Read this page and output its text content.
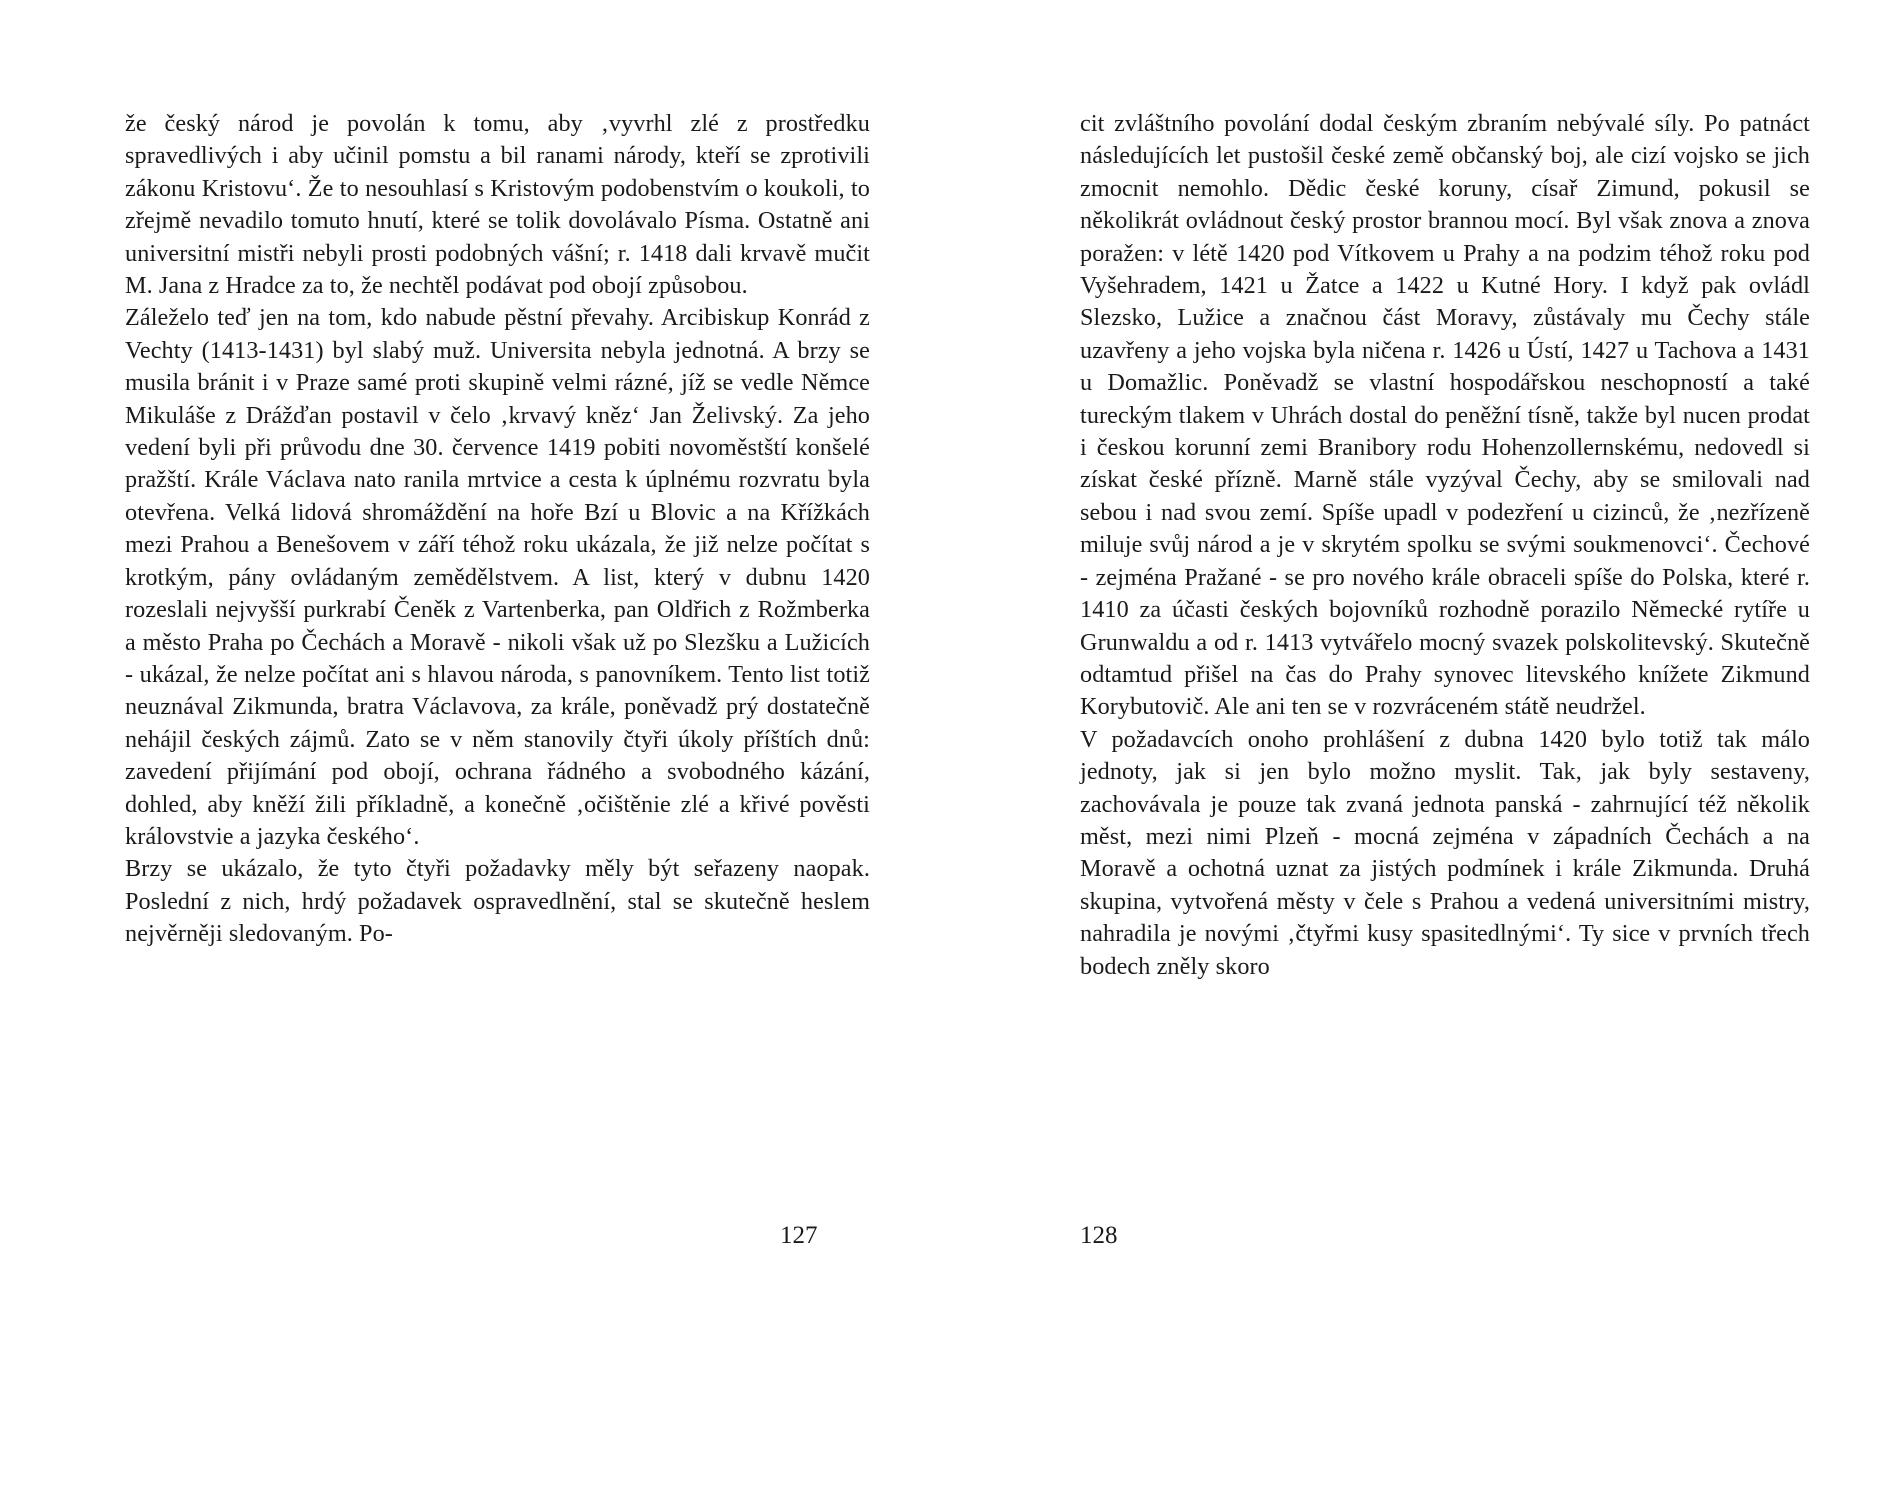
že český národ je povolán k tomu, aby ‚vyvrhl zlé z prostředku spravedlivých i aby učinil pomstu a bil ranami národy, kteří se zprotivili zákonu Kristovu‘. Že to nesouhlasí s Kristovým podobenstvím o koukoli, to zřejmě nevadilo tomuto hnutí, které se tolik dovolávalo Písma. Ostatně ani universitní mistři nebyli prosti podobných vášní; r. 1418 dali krvavě mučit M. Jana z Hradce za to, že nechtěl podávat pod obojí způsobou.

Záleželo teď jen na tom, kdo nabude pěstní převahy. Arcibiskup Konrád z Vechty (1413-1431) byl slabý muž. Universita nebyla jednotná. A brzy se musila bránit i v Praze samé proti skupině velmi rázné, jíž se vedle Němce Mikuláše z Drážďan postavil v čelo ‚krvavý kněz‘ Jan Želivský. Za jeho vedení byli při průvodu dne 30. července 1419 pobiti novoměstští konšelé pražští. Krále Václava nato ranila mrtvice a cesta k úplnému rozvratu byla otevřena. Velká lidová shromáždění na hoře Bzí u Blovic a na Křížkách mezi Prahou a Benešovem v září téhož roku ukázala, že již nelze počítat s krotkým, pány ovládaným zemědělstvem. A list, který v dubnu 1420 rozeslali nejvyšší purkrabí Čeněk z Vartenberka, pan Oldřich z Rožmberka a město Praha po Čechách a Moravě - nikoli však už po Slezšku a Lužicích - ukázal, že nelze počítat ani s hlavou národa, s panovníkem. Tento list totiž neuznával Zikmunda, bratra Václavova, za krále, poněvadž prý dostatečně nehájil českých zájmů. Zato se v něm stanovily čtyři úkoly příštích dnů: zavedení přijímání pod obojí, ochrana řádného a svobodného kázání, dohled, aby kněží žili příkladně, a konečně ‚očištěnie zlé a křivé pověsti královstvie a jazyka českého‘.

Brzy se ukázalo, že tyto čtyři požadavky měly být seřazeny naopak. Poslední z nich, hrdý požadavek ospravedlnění, stal se skutečně heslem nejvěrněji sledovaným. Po-

127

cit zvláštního povolání dodal českým zbraním nebývalé síly. Po patnáct následujících let pustošil české země občanský boj, ale cizí vojsko se jich zmocnit nemohlo. Dědic české koruny, císař Zimund, pokusil se několikrát ovládnout český prostor brannou mocí. Byl však znova a znova poražen: v létě 1420 pod Vítkovem u Prahy a na podzim téhož roku pod Vyšehradem, 1421 u Žatce a 1422 u Kutné Hory. I když pak ovládl Slezsko, Lužice a značnou část Moravy, zůstávaly mu Čechy stále uzavřeny a jeho vojska byla ničena r. 1426 u Ústí, 1427 u Tachova a 1431 u Domažlic. Poněvadž se vlastní hospodářskou neschopností a také tureckým tlakem v Uhrách dostal do peněžní tísně, takže byl nucen prodat i českou korunní zemi Branibory rodu Hohenzollernskému, nedovedl si získat české přízně. Marně stále vyzýval Čechy, aby se smilovali nad sebou i nad svou zemí. Spíše upadl v podezření u cizinců, že ‚nezřízeně miluje svůj národ a je v skrytém spolku se svými soukmenovci‘. Čechové - zejména Pražané - se pro nového krále obraceli spíše do Polska, které r. 1410 za účasti českých bojovníků rozhodně porazilo Německé rytíře u Grunwaldu a od r. 1413 vytvářelo mocný svazek polskolitevský. Skutečně odtamtud přišel na čas do Prahy synovec litevského knížete Zikmund Korybutovič. Ale ani ten se v rozvráceném státě neudržel.

V požadavcích onoho prohlášení z dubna 1420 bylo totiž tak málo jednoty, jak si jen bylo možno myslit. Tak, jak byly sestaveny, zachovávala je pouze tak zvaná jednota panská - zahrnující též několik měst, mezi nimi Plzeň - mocná zejména v západních Čechách a na Moravě a ochotná uznat za jistých podmínek i krále Zikmunda. Druhá skupina, vytvořená městy v čele s Prahou a vedená universitními mistry, nahradila je novými ‚čtyřmi kusy spasitedlnými‘. Ty sice v prvních třech bodech zněly skoro

128
